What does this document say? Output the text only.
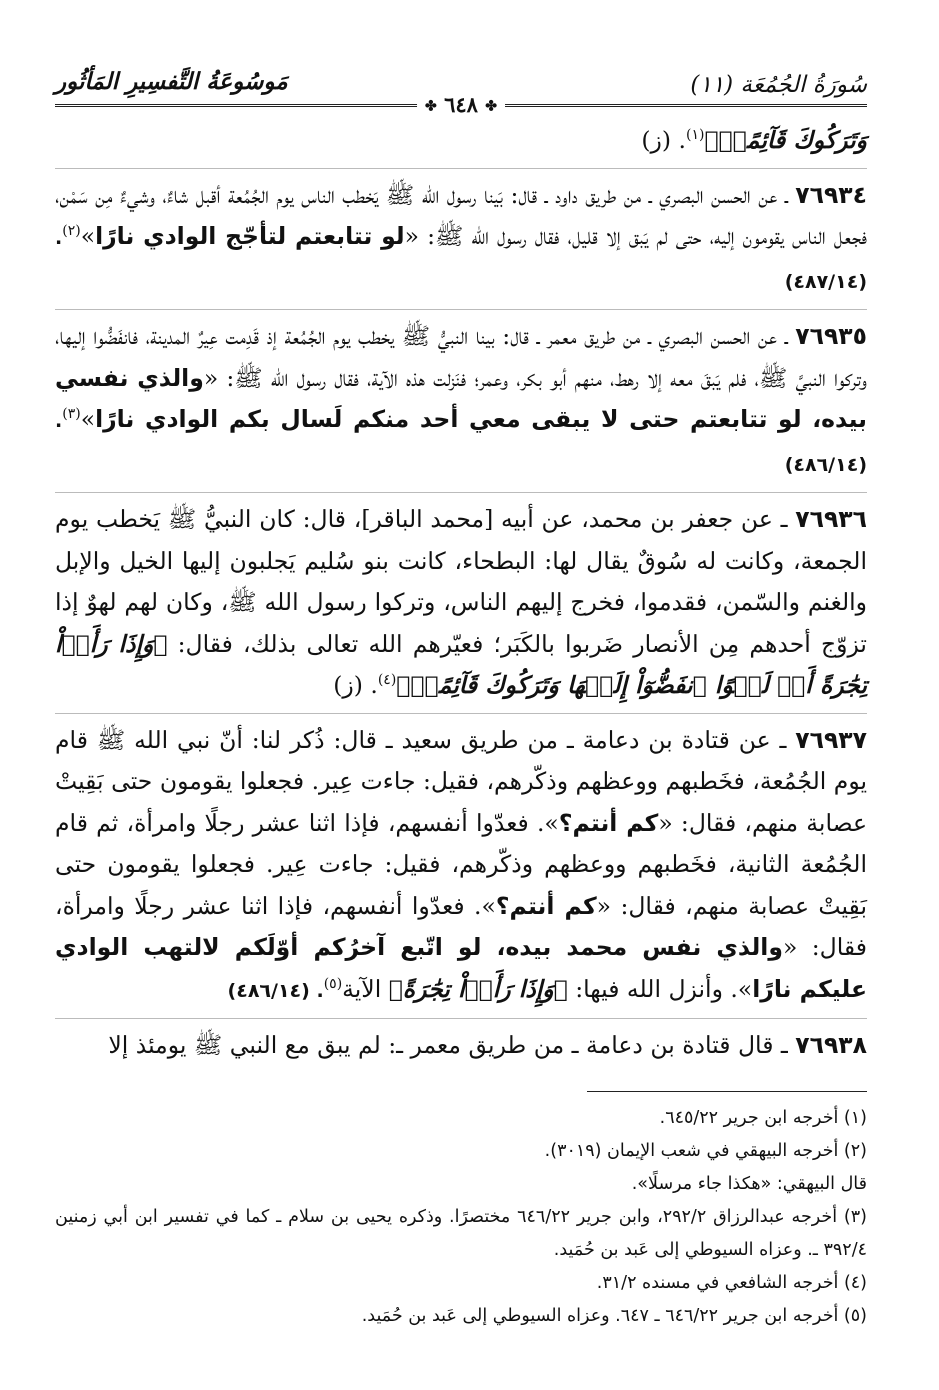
سُورَةُ الجُمُعَة (١١)
مَوسُوعَةُ التَّفسِيرِ المَأثُور
✤ ٦٤٨ ✤

وَتَرَكُوكَ قَآئِمًاۚ﴾$^{(١)}$. (ز)

٧٦٩٣٤ ـ عن الحسن البصري ـ من طريق داود ـ قال: بَينا رسول الله ﷺ يَخطب الناس يوم الجُمُعة أقبل شاءٌ، وشيءٌ مِن سَمْن، فجعل الناس يقومون إليه، حتى لم يَبق إلا قليل، فقال رسول الله ﷺ: «لو تتابعتم لتأجّج الوادي نارًا»$^{(٢)}$. (٤٨٧/١٤)

٧٦٩٣٥ ـ عن الحسن البصري ـ من طريق معمر ـ قال: بينا النبيُّ ﷺ يخطب يوم الجُمُعة إذ قَدِمت عِيرٌ المدينة، فانفَضُّوا إليها، وتركوا النبيَّ ﷺ، فلم يَبقَ معه إلا رهط، منهم أبو بكر، وعمر؛ فنَزلت هذه الآية، فقال رسول الله ﷺ: «والذي نفسي بيده، لو تتابعتم حتى لا يبقى معي أحد منكم لَسال بكم الوادي نارًا»$^{(٣)}$. (٤٨٦/١٤)

٧٦٩٣٦ ـ عن جعفر بن محمد، عن أبيه [محمد الباقر]، قال: كان النبيُّ ﷺ يَخطب يوم الجمعة، وكانت له سُوقٌ يقال لها: البطحاء، كانت بنو سُليم يَجلبون إليها الخيل والإبل والغنم والسّمن، فقدموا، فخرج إليهم الناس، وتركوا رسول الله ﷺ، وكان لهم لهوٌ إذا تزوّج أحدهم مِن الأنصار ضَربوا بالكَبَر؛ فعيّرهم الله تعالى بذلك، فقال: ﴿وَإِذَا رَأَوۡاْ تِجَٰرَةً أَوۡ لَهۡوًا ٱنفَضُّوٓاْ إِلَيۡهَا وَتَرَكُوكَ قَآئِمًاۚ﴾$^{(٤)}$. (ز)

٧٦٩٣٧ ـ عن قتادة بن دعامة ـ من طريق سعيد ـ قال: ذُكر لنا: أنّ نبي الله ﷺ قام يوم الجُمُعة، فخَطبهم ووعظهم وذكّرهم، فقيل: جاءت عِير. فجعلوا يقومون حتى بَقِيتْ عصابة منهم، فقال: «كم أنتم؟». فعدّوا أنفسهم، فإذا اثنا عشر رجلًا وامرأة، ثم قام الجُمُعة الثانية، فخَطبهم ووعظهم وذكّرهم، فقيل: جاءت عِير. فجعلوا يقومون حتى بَقِيتْ عصابة منهم، فقال: «كم أنتم؟». فعدّوا أنفسهم، فإذا اثنا عشر رجلًا وامرأة، فقال: «والذي نفس محمد بيده، لو اتّبع آخرُكم أوّلَكم لالتهب الوادي عليكم نارًا». وأنزل الله فيها: ﴿وَإِذَا رَأَوۡاْ تِجَٰرَةً﴾ الآية$^{(٥)}$. (٤٨٦/١٤)

٧٦٩٣٨ ـ قال قتادة بن دعامة ـ من طريق معمر ـ: لم يبق مع النبي ﷺ يومئذ إلا

(١) أخرجه ابن جرير ٦٤٥/٢٢.

(٢) أخرجه البيهقي في شعب الإيمان (٣٠١٩).

قال البيهقي: «هكذا جاء مرسلًا».

(٣) أخرجه عبدالرزاق ٢٩٢/٢، وابن جرير ٦٤٦/٢٢ مختصرًا. وذكره يحيى بن سلام ـ كما في تفسير ابن أبي زمنين ٣٩٢/٤ ـ. وعزاه السيوطي إلى عَبد بن حُمَيد.

(٤) أخرجه الشافعي في مسنده ٣١/٢.

(٥) أخرجه ابن جرير ٦٤٦/٢٢ ـ ٦٤٧. وعزاه السيوطي إلى عَبد بن حُمَيد.
